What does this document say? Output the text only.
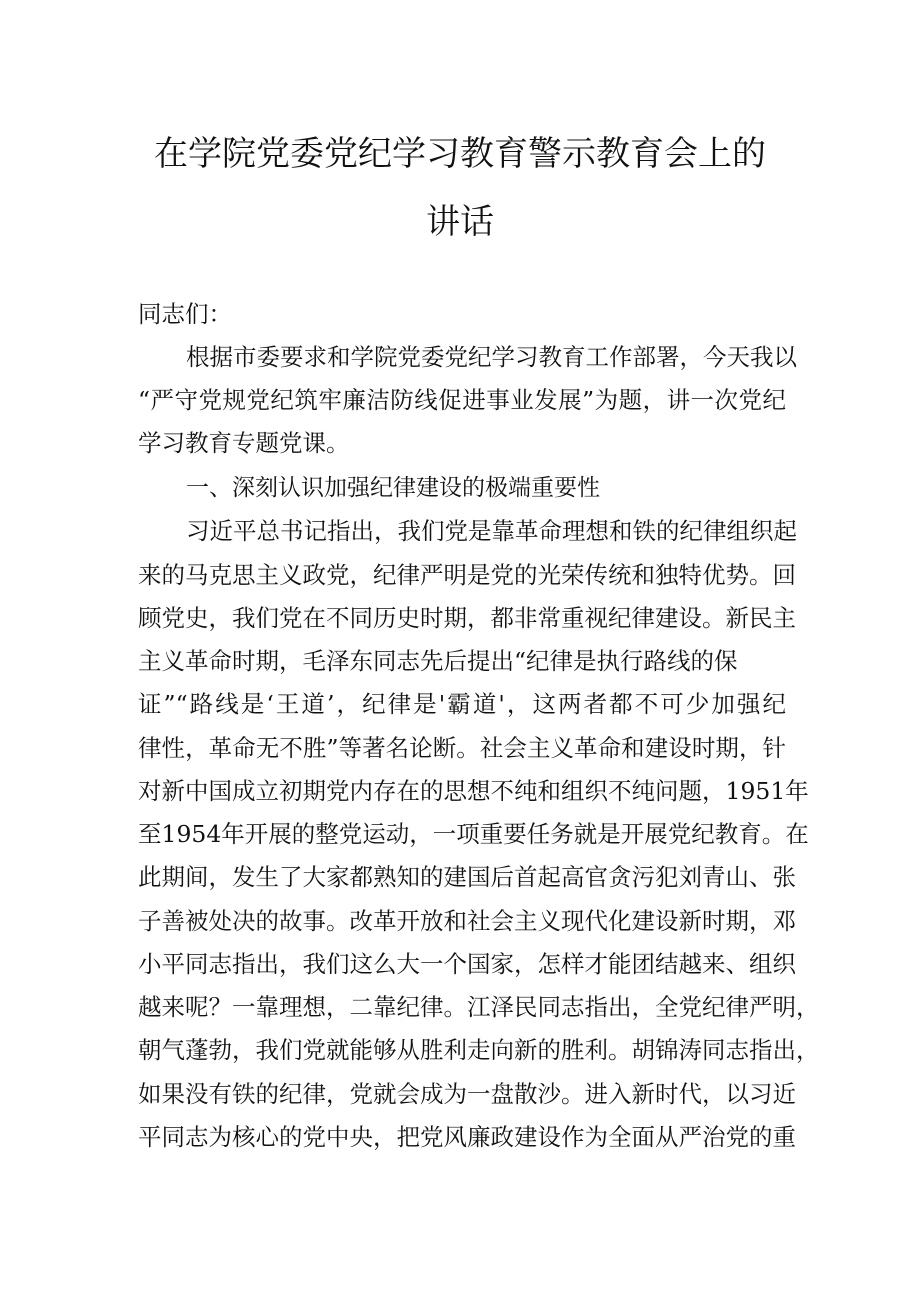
在学院党委党纪学习教育警示教育会上的
讲话
同志们：
根据市委要求和学院党委党纪学习教育工作部署，今天我以
“严守党规党纪筑牢廉洁防线促进事业发展”为题，讲一次党纪
学习教育专题党课。
一、深刻认识加强纪律建设的极端重要性
习近平总书记指出，我们党是靠革命理想和铁的纪律组织起
来的马克思主义政党，纪律严明是党的光荣传统和独特优势。回
顾党史，我们党在不同历史时期，都非常重视纪律建设。新民主
主义革命时期，毛泽东同志先后提出“纪律是执行路线的保
证”“路线是‘王道’，纪律是'霸道'，这两者都不可少加强纪
律性，革命无不胜”等著名论断。社会主义革命和建设时期，针
对新中国成立初期党内存在的思想不纯和组织不纯问题，1951年
至1954年开展的整党运动，一项重要任务就是开展党纪教育。在
此期间，发生了大家都熟知的建国后首起高官贪污犯刘青山、张
子善被处决的故事。改革开放和社会主义现代化建设新时期，邓
小平同志指出，我们这么大一个国家，怎样才能团结越来、组织
越来呢？一靠理想，二靠纪律。江泽民同志指出，全党纪律严明，
朝气蓬勃，我们党就能够从胜利走向新的胜利。胡锦涛同志指出，
如果没有铁的纪律，党就会成为一盘散沙。进入新时代，以习近
平同志为核心的党中央，把党风廉政建设作为全面从严治党的重
